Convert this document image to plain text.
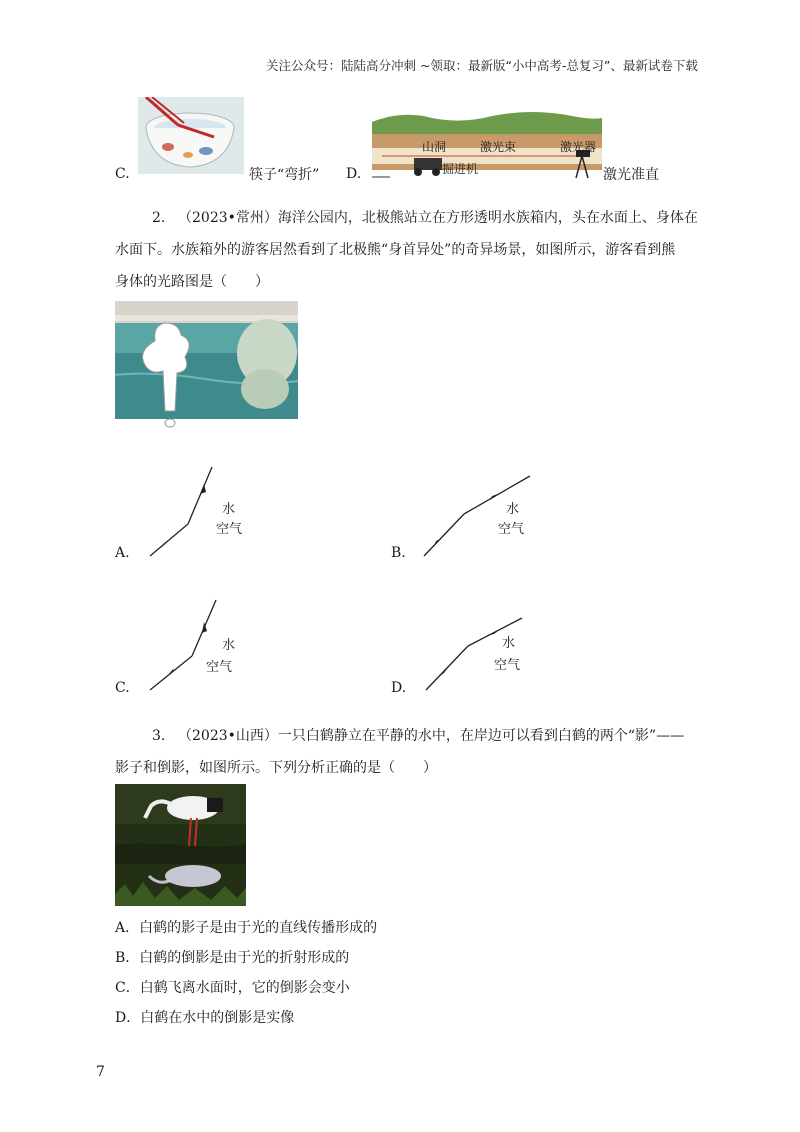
关注公众号：陆陆高分冲刺 ~领取：最新版“小中高考-总复习”、最新试卷下载
C.	筷子“弯折” D.
山洞	激光束	激光器
掘进机	激光准直
2. （2023•常州）海洋公园内，北极熊站立在方形透明水族箱内，头在水面上、身体在
水面下。水族箱外的游客居然看到了北极熊“身首异处”的奇异场景，如图所示，游客看到熊
身体的光路图是（　　）
水
空气
A.
水
空气
B.
水
空气
C.
水
空气
D.
3. （2023•山西）一只白鹤静立在平静的水中，在岸边可以看到白鹤的两个“影”——
影子和倒影，如图所示。下列分析正确的是（　　）
A．白鹤的影子是由于光的直线传播形成的
B．白鹤的倒影是由于光的折射形成的
C．白鹤飞离水面时，它的倒影会变小
D．白鹤在水中的倒影是实像
7
